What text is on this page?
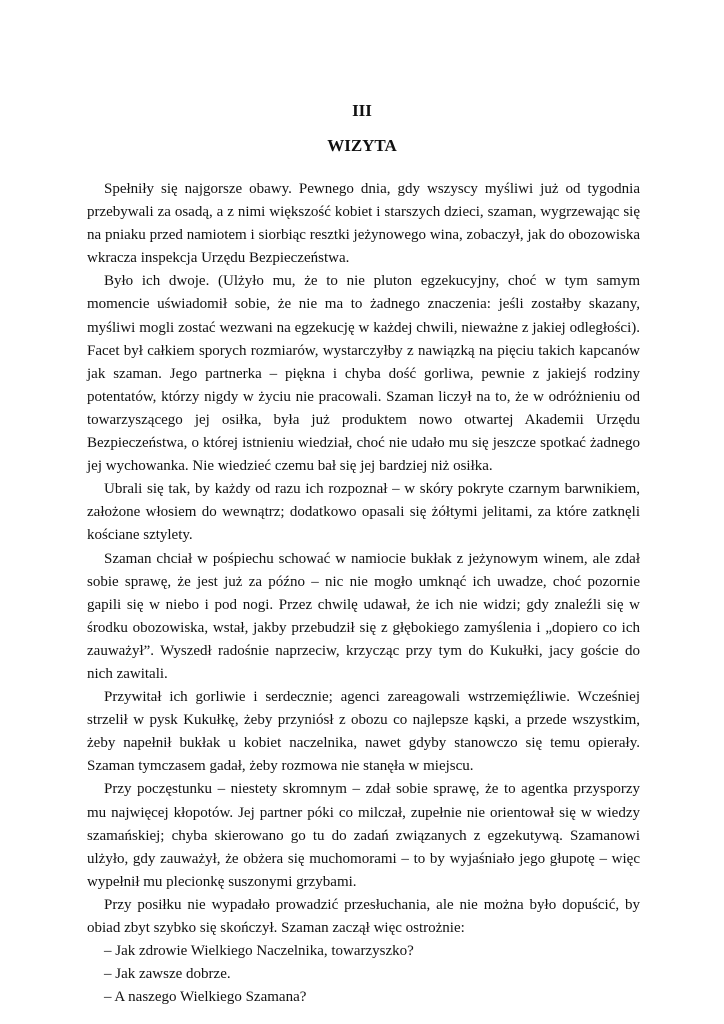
III
WIZYTA

Spełniły się najgorsze obawy. Pewnego dnia, gdy wszyscy myśliwi już od tygodnia przebywali za osadą, a z nimi większość kobiet i starszych dzieci, szaman, wygrzewając się na pniaku przed namiotem i siorbiąc resztki jeżynowego wina, zobaczył, jak do obozowiska wkracza inspekcja Urzędu Bezpieczeństwa.

Było ich dwoje. (Ulżyło mu, że to nie pluton egzekucyjny, choć w tym samym momencie uświadomił sobie, że nie ma to żadnego znaczenia: jeśli zostałby skazany, myśliwi mogli zostać wezwani na egzekucję w każdej chwili, nieważne z jakiej odległości). Facet był całkiem sporych rozmiarów, wystarczyłby z nawiązką na pięciu takich kapcanów jak szaman. Jego partnerka – piękna i chyba dość gorliwa, pewnie z jakiejś rodziny potentatów, którzy nigdy w życiu nie pracowali. Szaman liczył na to, że w odróżnieniu od towarzyszącego jej osiłka, była już produktem nowo otwartej Akademii Urzędu Bezpieczeństwa, o której istnieniu wiedział, choć nie udało mu się jeszcze spotkać żadnego jej wychowanka. Nie wiedzieć czemu bał się jej bardziej niż osiłka.

Ubrali się tak, by każdy od razu ich rozpoznał – w skóry pokryte czarnym barwnikiem, założone włosiem do wewnątrz; dodatkowo opasali się żółtymi jelitami, za które zatknęli kościane sztylety.

Szaman chciał w pośpiechu schować w namiocie bukłak z jeżynowym winem, ale zdał sobie sprawę, że jest już za późno – nic nie mogło umknąć ich uwadze, choć pozornie gapili się w niebo i pod nogi. Przez chwilę udawał, że ich nie widzi; gdy znaleźli się w środku obozowiska, wstał, jakby przebudził się z głębokiego zamyślenia i „dopiero co ich zauważył”. Wyszedł radośnie naprzeciw, krzycząc przy tym do Kukułki, jacy goście do nich zawitali.

Przywitał ich gorliwie i serdecznie; agenci zareagowali wstrzemięźliwie. Wcześniej strzelił w pysk Kukułkę, żeby przyniósł z obozu co najlepsze kąski, a przede wszystkim, żeby napełnił bukłak u kobiet naczelnika, nawet gdyby stanowczo się temu opierały. Szaman tymczasem gadał, żeby rozmowa nie stanęła w miejscu.

Przy poczęstunku – niestety skromnym – zdał sobie sprawę, że to agentka przysporzy mu najwięcej kłopotów. Jej partner póki co milczał, zupełnie nie orientował się w wiedzy szamańskiej; chyba skierowano go tu do zadań związanych z egzekutywą. Szamanowi ulżyło, gdy zauważył, że obżera się muchomorami – to by wyjaśniało jego głupotę – więc wypełnił mu plecionkę suszonymi grzybami.

Przy posiłku nie wypadało prowadzić przesłuchania, ale nie można było dopuścić, by obiad zbyt szybko się skończył. Szaman zaczął więc ostrożnie:

– Jak zdrowie Wielkiego Naczelnika, towarzyszko?

– Jak zawsze dobrze.

– A naszego Wielkiego Szamana?
